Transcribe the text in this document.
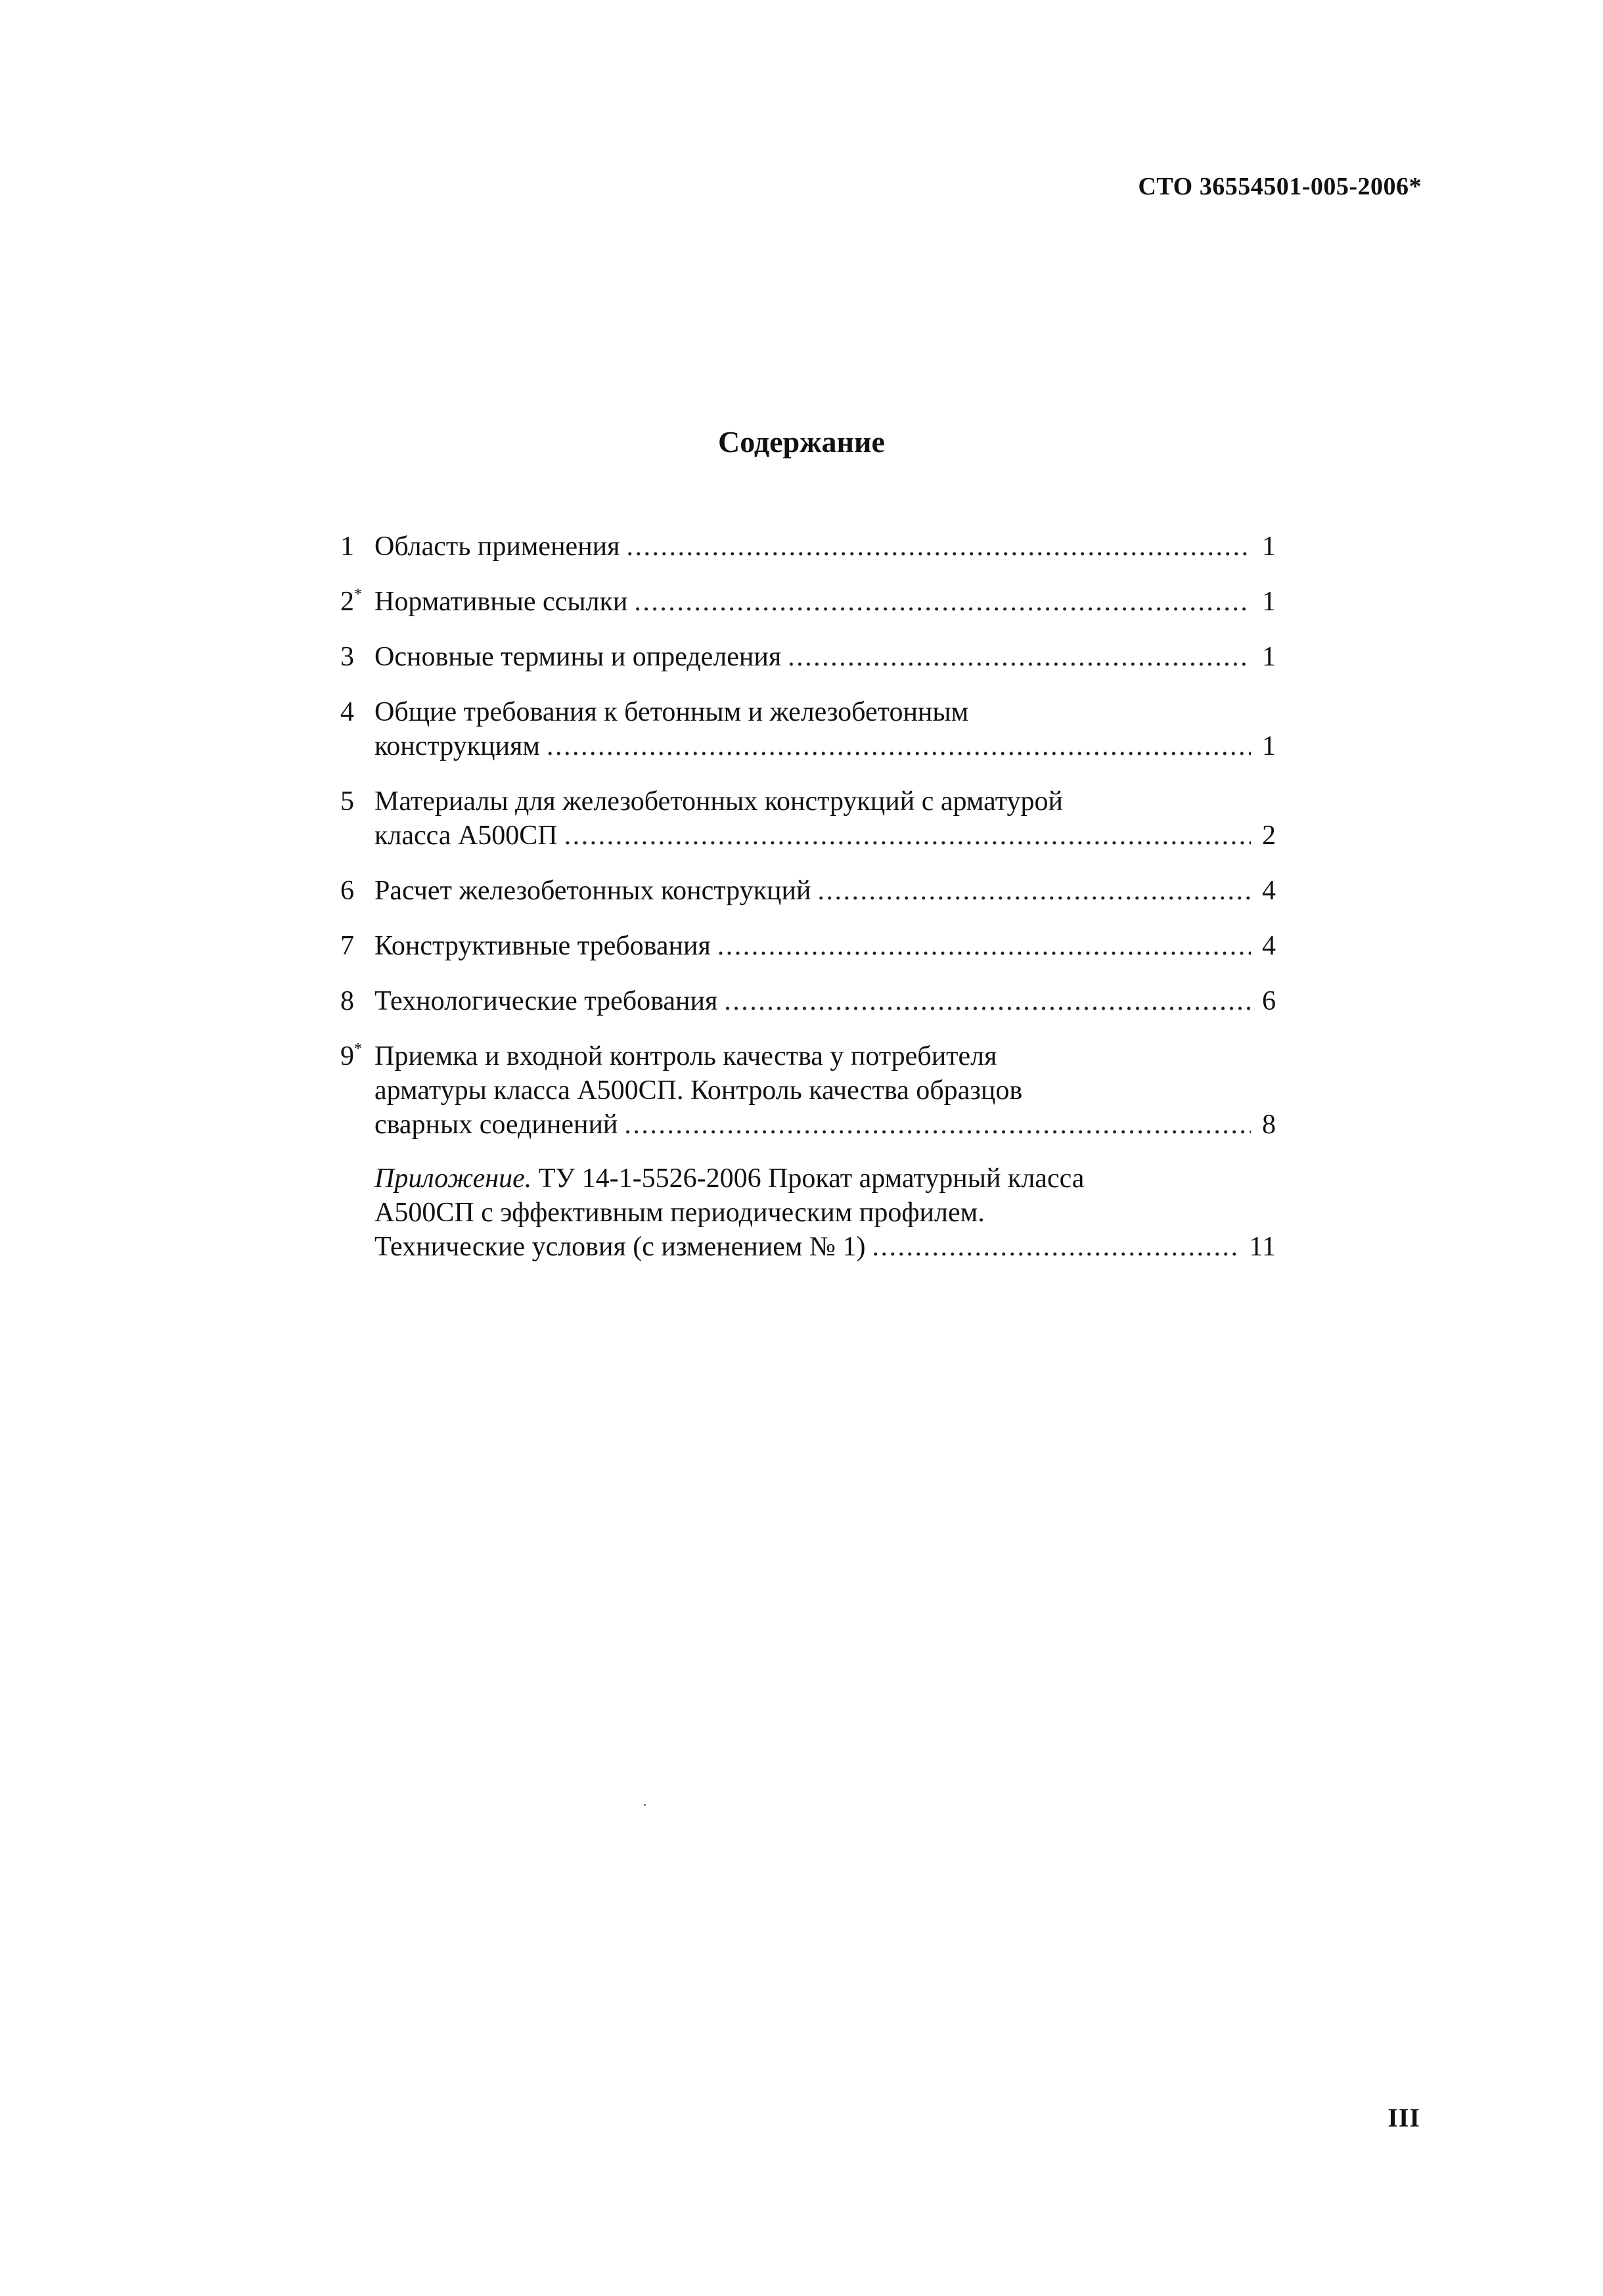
СТО 36554501-005-2006*
Содержание
1 Область применения . . .	1
2* Нормативные ссылки . . .	1
3 Основные термины и определения . . .	1
4 Общие требования к бетонным и железобетонным
конструкциям . . .	1
5 Материалы для железобетонных конструкций с арматурой
класса А500СП . . .	2
6 Расчет железобетонных конструкций . . .	4
7 Конструктивные требования . . .	4
8 Технологические требования . . .	6
9* Приемка и входной контроль качества у потребителя
арматуры класса А500СП. Контроль качества образцов
сварных соединений . . .	8
Приложение. ТУ 14-1-5526-2006 Прокат арматурный класса
А500СП с эффективным периодическим профилем.
Технические условия (с изменением № 1) . . .	11
III
